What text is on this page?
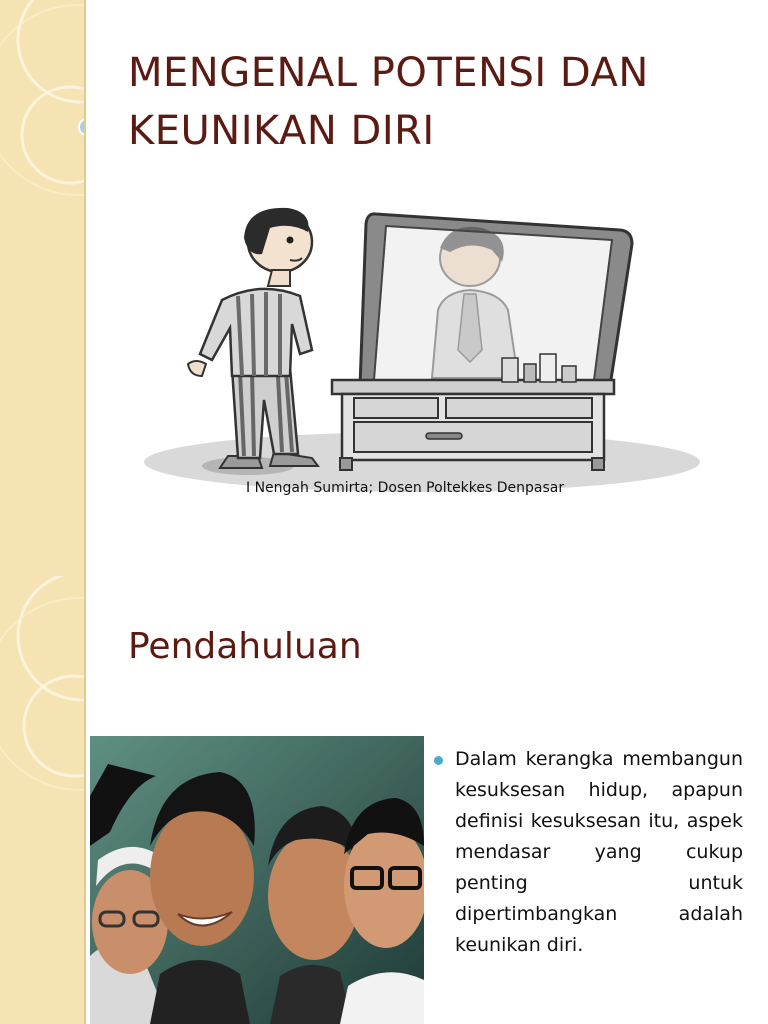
MENGENAL POTENSI DAN
KEUNIKAN DIRI
I Nengah Sumirta; Dosen Poltekkes Denpasar
Pendahuluan
Dalam kerangka membangun kesuksesan hidup, apapun definisi kesuksesan itu, aspek mendasar yang cukup penting untuk dipertimbangkan adalah keunikan diri.
